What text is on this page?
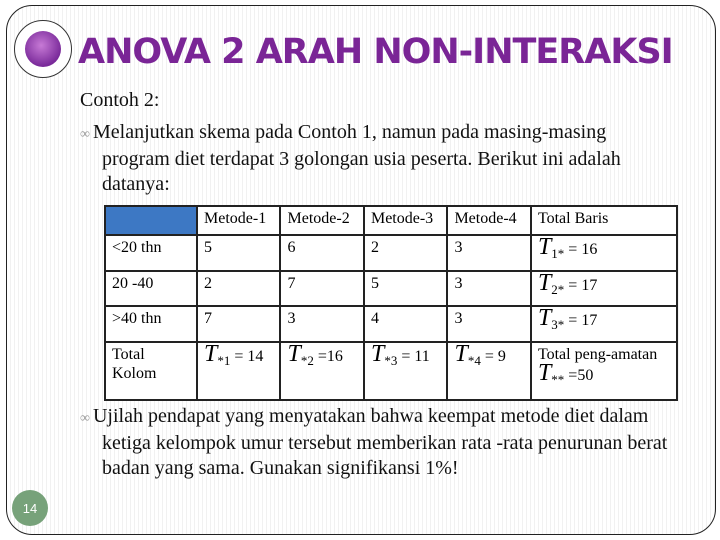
ANOVA 2 ARAH NON-INTERAKSI
Contoh 2:
∞ Melanjutkan skema pada Contoh 1, namun pada masing-masing program diet terdapat 3 golongan usia peserta. Berikut ini adalah datanya:
	Metode-1	Metode-2	Metode-3	Metode-4	Total Baris
<20 thn	5	6	2	3	$T_{1*} = 16$
20 -40	2	7	5	3	$T_{2*} = 17$
>40 thn	7	3	4	3	$T_{3*} = 17$
Total Kolom	$T_{*1} = 14$	$T_{*2} =16$	$T_{*3} = 11$	$T_{*4} = 9$	Total peng-amatan
$T_{**} =50$
∞ Ujilah pendapat yang menyatakan bahwa keempat metode diet dalam ketiga kelompok umur tersebut memberikan rata -rata penurunan berat badan yang sama. Gunakan signifikansi 1%!
14
